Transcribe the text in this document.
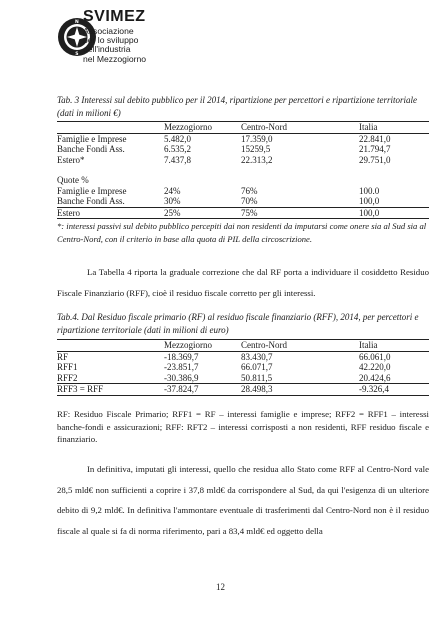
N
S
SVIMEZ
Associazione
per lo sviluppo
dell'industria
nel Mezzogiorno
Tab. 3 Interessi sul debito pubblico per il 2014, ripartizione per percettori e ripartizione territoriale (dati in milioni €)
	Mezzogiorno	Centro-Nord	Italia
Famiglie e Imprese	5.482,0	17.359,0	22.841,0
Banche Fondi Ass.	6.535,2	15259,5	21.794,7
Estero*	7.437,8	22.313,2	29.751,0

Quote %			
Famiglie e Imprese	24%	76%	100.0
Banche Fondi Ass.	30%	70%	100,0
Estero	25%	75%	100,0
*: interessi passivi sul debito pubblico percepiti dai non residenti da imputarsi come onere sia al Sud sia al Centro-Nord, con il criterio in base alla quota di PIL della circoscrizione.
La Tabella 4 riporta la graduale correzione che dal RF porta a individuare il cosiddetto Residuo Fiscale Finanziario (RFF), cioè il residuo fiscale corretto per gli interessi.
Tab.4. Dal Residuo fiscale primario (RF) al residuo fiscale finanziario (RFF), 2014, per percettori e ripartizione territoriale (dati in milioni di euro)
	Mezzogiorno	Centro-Nord	Italia
RF	-18.369,7	83.430,7	66.061,0
RFF1	-23.851,7	66.071,7	42.220,0
RFF2	-30.386,9	50.811,5	20.424,6
RFF3 = RFF	-37.824,7	28.498,3	-9.326,4
RF: Residuo Fiscale Primario; RFF1 = RF – interessi famiglie e imprese; RFF2 = RFF1 – interessi banche-fondi e assicurazioni; RFF: RFT2 – interessi corrisposti a non residenti, RFF residuo fiscale e finanziario.
In definitiva, imputati gli interessi, quello che residua allo Stato come RFF al Centro-Nord vale 28,5 mld€ non sufficienti a coprire i 37,8 mld€ da corrispondere al Sud, da qui l'esigenza di un ulteriore debito di 9,2 mld€. In definitiva l'ammontare eventuale di trasferimenti dal Centro-Nord non è il residuo fiscale al quale si fa di norma riferimento, pari a 83,4 mld€ ed oggetto della
12
